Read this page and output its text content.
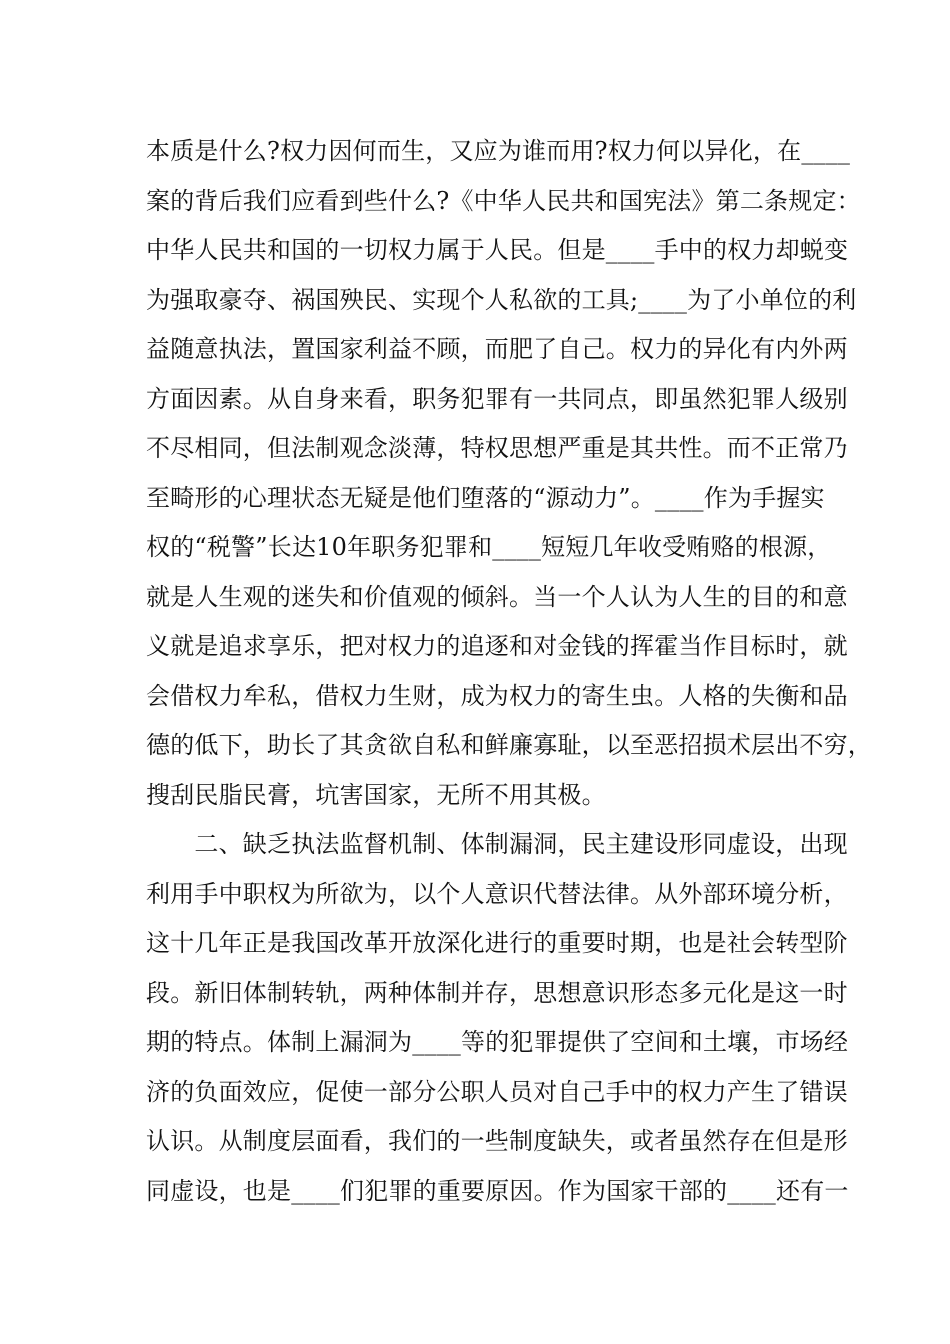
本质是什么?权力因何而生，又应为谁而用?权力何以异化，在____
案的背后我们应看到些什么?《中华人民共和国宪法》第二条规定：
中华人民共和国的一切权力属于人民。但是____手中的权力却蜕变
为强取豪夺、祸国殃民、实现个人私欲的工具;____为了小单位的利
益随意执法，置国家利益不顾，而肥了自己。权力的异化有内外两
方面因素。从自身来看，职务犯罪有一共同点，即虽然犯罪人级别
不尽相同，但法制观念淡薄，特权思想严重是其共性。而不正常乃
至畸形的心理状态无疑是他们堕落的“源动力”。____作为手握实
权的“税警”长达10年职务犯罪和____短短几年收受贿赂的根源，
就是人生观的迷失和价值观的倾斜。当一个人认为人生的目的和意
义就是追求享乐，把对权力的追逐和对金钱的挥霍当作目标时，就
会借权力牟私，借权力生财，成为权力的寄生虫。人格的失衡和品
德的低下，助长了其贪欲自私和鲜廉寡耻，以至恶招损术层出不穷，
搜刮民脂民膏，坑害国家，无所不用其极。
　　二、缺乏执法监督机制、体制漏洞，民主建设形同虚设，出现
利用手中职权为所欲为，以个人意识代替法律。从外部环境分析，
这十几年正是我国改革开放深化进行的重要时期，也是社会转型阶
段。新旧体制转轨，两种体制并存，思想意识形态多元化是这一时
期的特点。体制上漏洞为____等的犯罪提供了空间和土壤，市场经
济的负面效应，促使一部分公职人员对自己手中的权力产生了错误
认识。从制度层面看，我们的一些制度缺失，或者虽然存在但是形
同虚设，也是____们犯罪的重要原因。作为国家干部的____还有一
